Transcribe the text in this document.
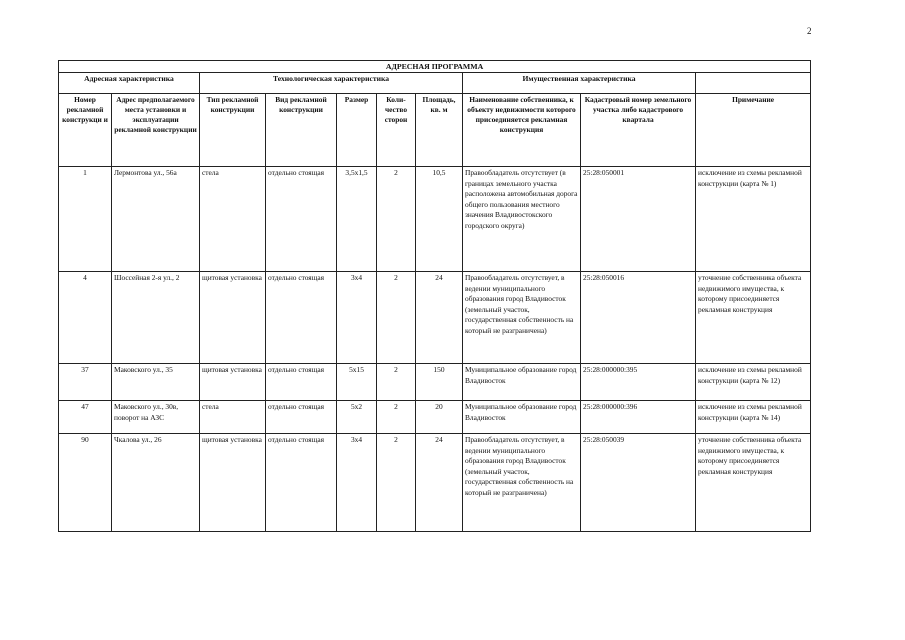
2
АДРЕСНАЯ ПРОГРАММА									
Адресная характеристика		Технологическая характеристика					Имущественная характеристика		
Номер рекламной конструкци и	Адрес предполагаемого места установки и эксплуатации рекламной конструкции	Тип рекламной конструкции	Вид рекламной конструкции	Размер	Коли-чество сторон	Площадь, кв. м	Наименование собственника, к объекту недвижимости которого присоединяется рекламная конструкция	Кадастровый номер земельного участка либо кадастрового квартала	Примечание
1	Лермонтова ул., 56а	стела	отдельно стоящая	3,5x1,5	2	10,5	Правообладатель отсутствует (в границах земельного участка расположена автомобильная дорога общего пользования местного значения Владивостокского городского округа)	25:28:050001	исключение из схемы рекламной конструкции (карта № 1)
4	Шоссейная 2-я ул., 2	щитовая установка	отдельно стоящая	3x4	2	24	Правообладатель отсутствует, в ведении муниципального образования город Владивосток (земельный участок, государственная собственность на который не разграничена)	25:28:050016	уточнение собственника объекта недвижимого имущества, к которому присоединяется рекламная конструкция
37	Маковского ул., 35	щитовая установка	отдельно стоящая	5x15	2	150	Муниципальное образование город Владивосток	25:28:000000:395	исключение из схемы рекламной конструкции (карта № 12)
47	Маковского ул., 30в, поворот на АЗС	стела	отдельно стоящая	5x2	2	20	Муниципальное образование город Владивосток	25:28:000000:396	исключение из схемы рекламной конструкции (карта № 14)
90	Чкалова ул., 26	щитовая установка	отдельно стоящая	3x4	2	24	Правообладатель отсутствует, в ведении муниципального образования город Владивосток (земельный участок, государственная собственность на который не разграничена)	25:28:050039	уточнение собственника объекта недвижимого имущества, к которому присоединяется рекламная конструкция
